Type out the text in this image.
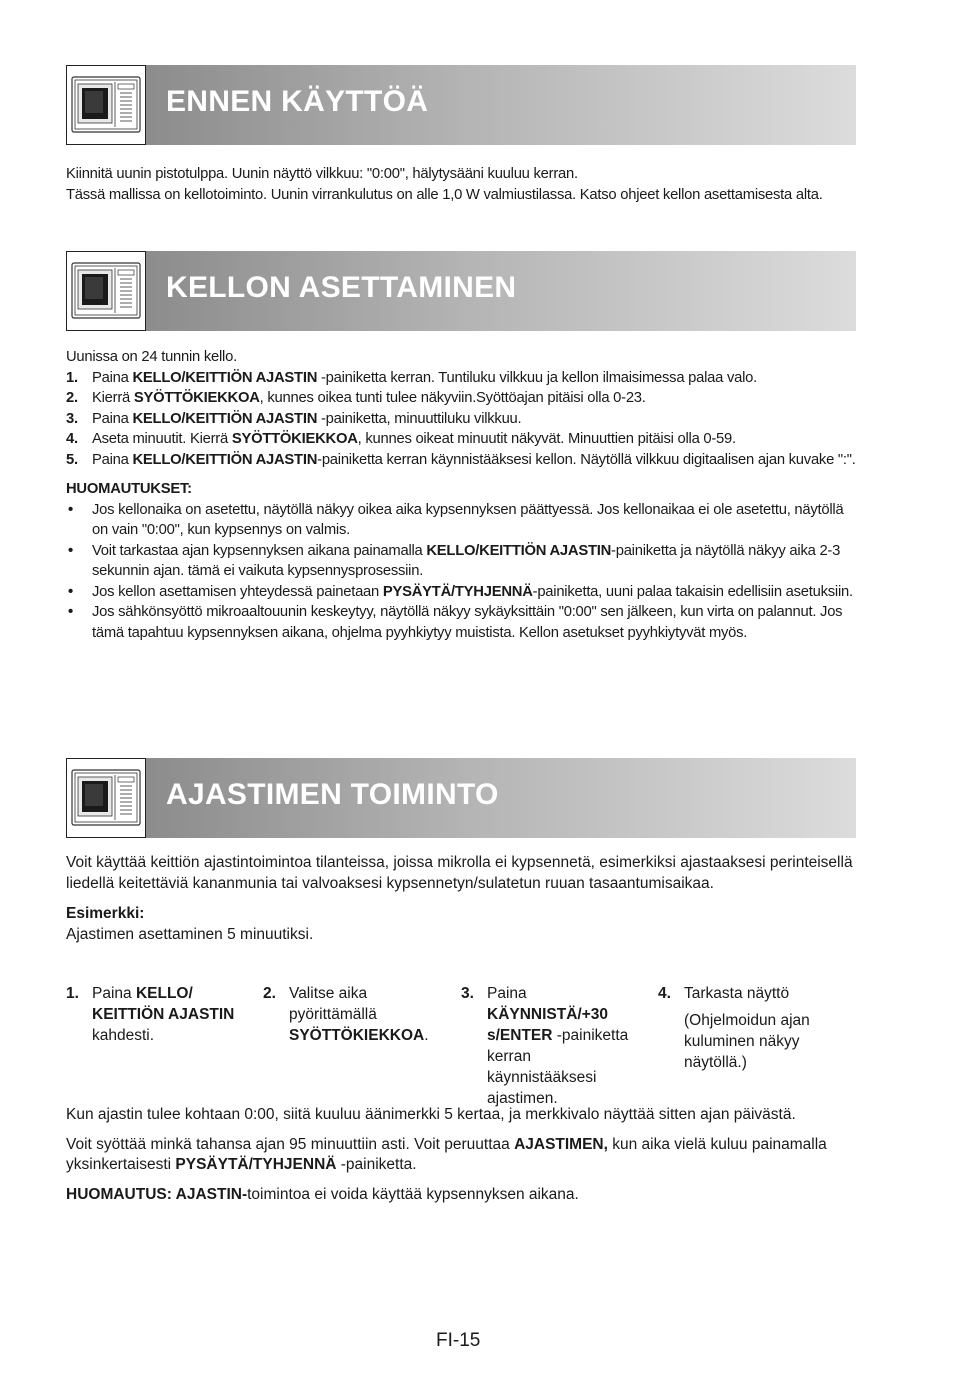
ENNEN KÄYTTÖÄ

Kiinnitä uunin pistotulppa. Uunin näyttö vilkkuu: "0:00", hälytysääni kuuluu kerran.

Tässä mallissa on kellotoiminto. Uunin virrankulutus on alle 1,0 W valmiustilassa. Katso ohjeet kellon asettamisesta alta.

KELLON ASETTAMINEN

Uunissa on 24 tunnin kello.

1. Paina KELLO/KEITTIÖN AJASTIN -painiketta kerran. Tuntiluku vilkkuu ja kellon ilmaisimessa palaa valo.
2. Kierrä SYÖTTÖKIEKKOA, kunnes oikea tunti tulee näkyviin.Syöttöajan pitäisi olla 0-23.
3. Paina KELLO/KEITTIÖN AJASTIN -painiketta, minuuttiluku vilkkuu.
4. Aseta minuutit. Kierrä SYÖTTÖKIEKKOA, kunnes oikeat minuutit näkyvät. Minuuttien pitäisi olla 0-59.
5. Paina KELLO/KEITTIÖN AJASTIN-painiketta kerran käynnistääksesi kellon. Näytöllä vilkkuu digitaalisen ajan kuvake ":".

HUOMAUTUKSET:

•	Jos kellonaika on asetettu, näytöllä näkyy oikea aika kypsennyksen päättyessä. Jos kellonaikaa ei ole asetettu, näytöllä on vain "0:00", kun kypsennys on valmis.
•	Voit tarkastaa ajan kypsennyksen aikana painamalla KELLO/KEITTIÖN AJASTIN-painiketta ja näytöllä näkyy aika 2-3 sekunnin ajan. tämä ei vaikuta kypsennysprosessiin.
•	Jos kellon asettamisen yhteydessä painetaan PYSÄYTÄ/TYHJENNÄ-painiketta, uuni palaa takaisin edellisiin asetuksiin.
•	Jos sähkönsyöttö mikroaaltouunin keskeytyy, näytöllä näkyy sykäyksittäin "0:00" sen jälkeen, kun virta on palannut. Jos tämä tapahtuu kypsennyksen aikana, ohjelma pyyhkiytyy muistista. Kellon asetukset pyyhkiytyvät myös.
AJASTIMEN TOIMINTO

Voit käyttää keittiön ajastintoimintoa tilanteissa, joissa mikrolla ei kypsennetä, esimerkiksi ajastaaksesi perinteisellä liedellä keitettäviä kananmunia tai valvoaksesi kypsennetyn/sulatetun ruuan tasaantumisaikaa.

Esimerkki:

Ajastimen asettaminen 5 minuutiksi.

1. Paina KELLO/ KEITTIÖN AJASTIN kahdesti.
2. Valitse aika pyörittämällä SYÖTTÖKIEKKOA.
3. Paina KÄYNNISTÄ/+30 s/ENTER -painiketta kerran käynnistääksesi ajastimen.
4. Tarkasta näyttö
(Ohjelmoidun ajan kuluminen näkyy näytöllä.)

Kun ajastin tulee kohtaan 0:00, siitä kuuluu äänimerkki 5 kertaa, ja merkkivalo näyttää sitten ajan päivästä.

Voit syöttää minkä tahansa ajan 95 minuuttiin asti. Voit peruuttaa AJASTIMEN, kun aika vielä kuluu painamalla yksinkertaisesti PYSÄYTÄ/TYHJENNÄ -painiketta.

HUOMAUTUS: AJASTIN-toimintoa ei voida käyttää kypsennyksen aikana.

FI-15
